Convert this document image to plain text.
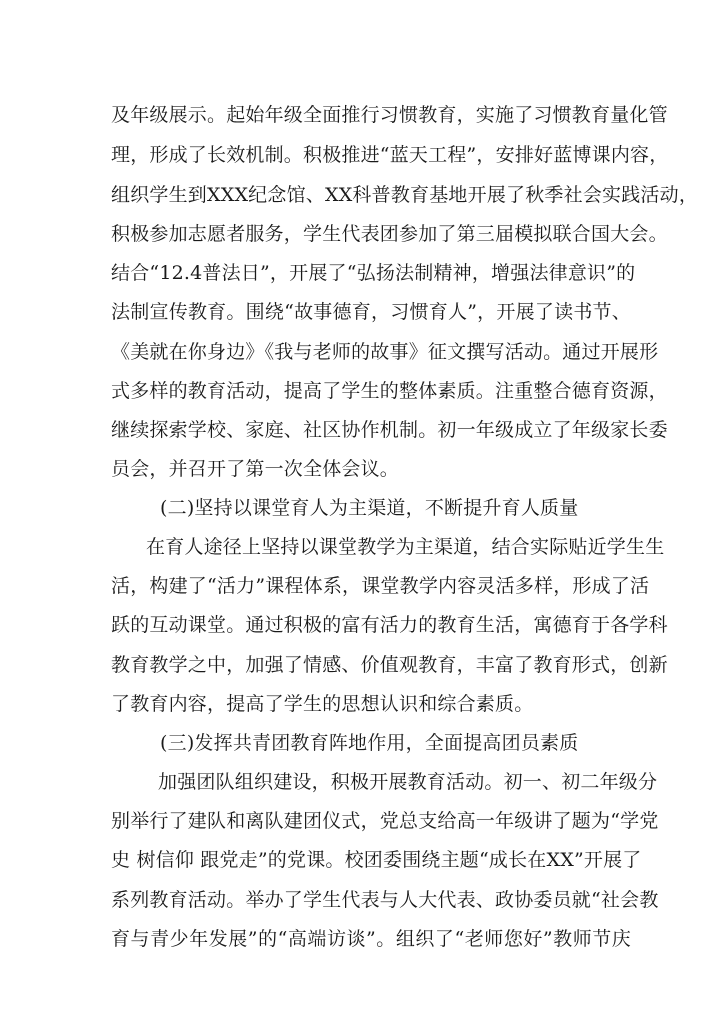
及年级展示。起始年级全面推行习惯教育，实施了习惯教育量化管
理，形成了长效机制。积极推进“蓝天工程”，安排好蓝博课内容，
组织学生到XXX纪念馆、XX科普教育基地开展了秋季社会实践活动，
积极参加志愿者服务，学生代表团参加了第三届模拟联合国大会。
结合“12.4普法日”，开展了“弘扬法制精神，增强法律意识”的
法制宣传教育。围绕“故事德育，习惯育人”，开展了读书节、
《美就在你身边》《我与老师的故事》征文撰写活动。通过开展形
式多样的教育活动，提高了学生的整体素质。注重整合德育资源，
继续探索学校、家庭、社区协作机制。初一年级成立了年级家长委
员会，并召开了第一次全体会议。
(二)坚持以课堂育人为主渠道，不断提升育人质量
在育人途径上坚持以课堂教学为主渠道，结合实际贴近学生生
活，构建了“活力”课程体系，课堂教学内容灵活多样，形成了活
跃的互动课堂。通过积极的富有活力的教育生活，寓德育于各学科
教育教学之中，加强了情感、价值观教育，丰富了教育形式，创新
了教育内容，提高了学生的思想认识和综合素质。
(三)发挥共青团教育阵地作用，全面提高团员素质
加强团队组织建设，积极开展教育活动。初一、初二年级分
别举行了建队和离队建团仪式，党总支给高一年级讲了题为“学党
史 树信仰 跟党走”的党课。校团委围绕主题“成长在XX”开展了
系列教育活动。举办了学生代表与人大代表、政协委员就“社会教
育与青少年发展”的“高端访谈”。组织了“老师您好”教师节庆
